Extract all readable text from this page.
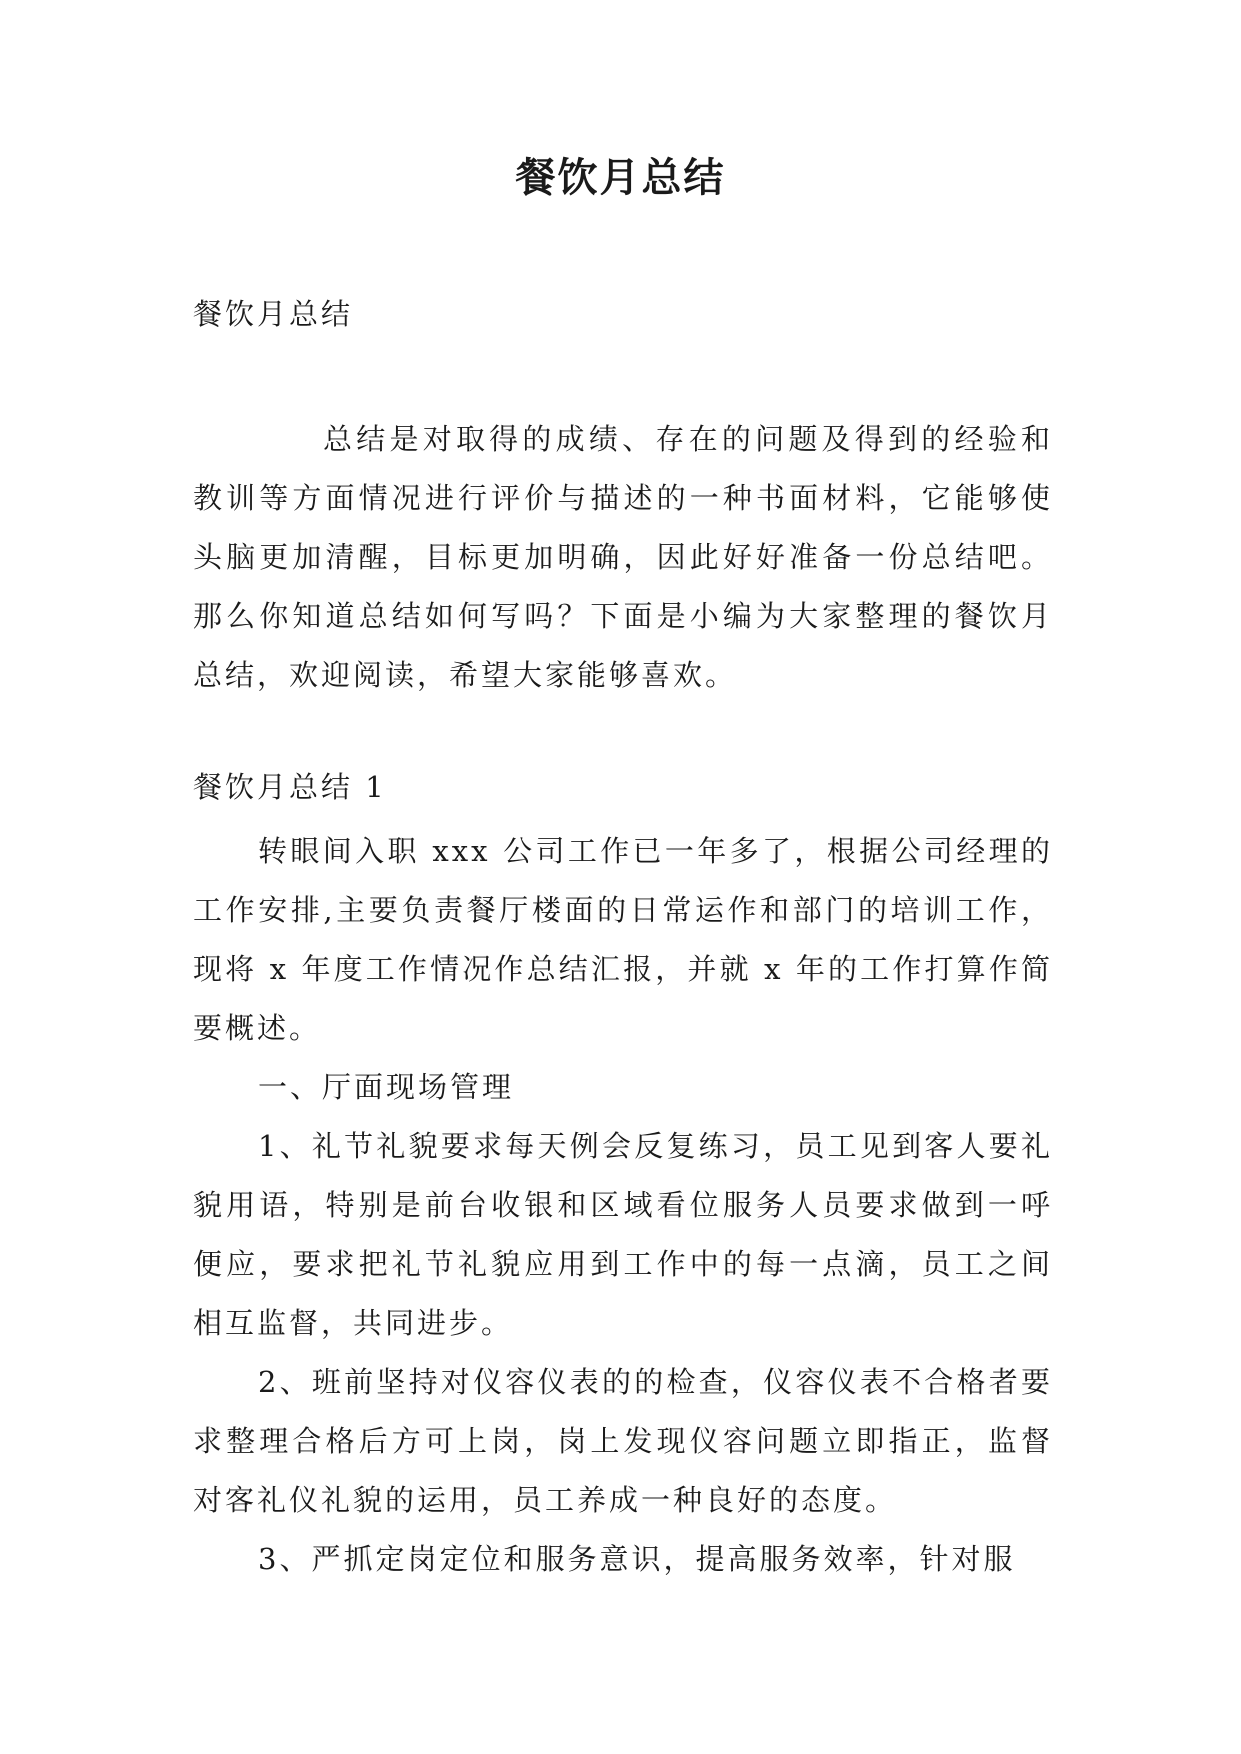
餐饮月总结
餐饮月总结

总结是对取得的成绩、存在的问题及得到的经验和教训等方面情况进行评价与描述的一种书面材料，它能够使头脑更加清醒，目标更加明确，因此好好准备一份总结吧。那么你知道总结如何写吗？下面是小编为大家整理的餐饮月总结，欢迎阅读，希望大家能够喜欢。

餐饮月总结 1

转眼间入职 xxx 公司工作已一年多了，根据公司经理的工作安排,主要负责餐厅楼面的日常运作和部门的培训工作，现将 x 年度工作情况作总结汇报，并就 x 年的工作打算作简要概述。

一、厅面现场管理

1、礼节礼貌要求每天例会反复练习，员工见到客人要礼貌用语，特别是前台收银和区域看位服务人员要求做到一呼便应，要求把礼节礼貌应用到工作中的每一点滴，员工之间相互监督，共同进步。

2、班前坚持对仪容仪表的的检查，仪容仪表不合格者要求整理合格后方可上岗，岗上发现仪容问题立即指正，监督对客礼仪礼貌的运用，员工养成一种良好的态度。

3、严抓定岗定位和服务意识，提高服务效率，针对服
